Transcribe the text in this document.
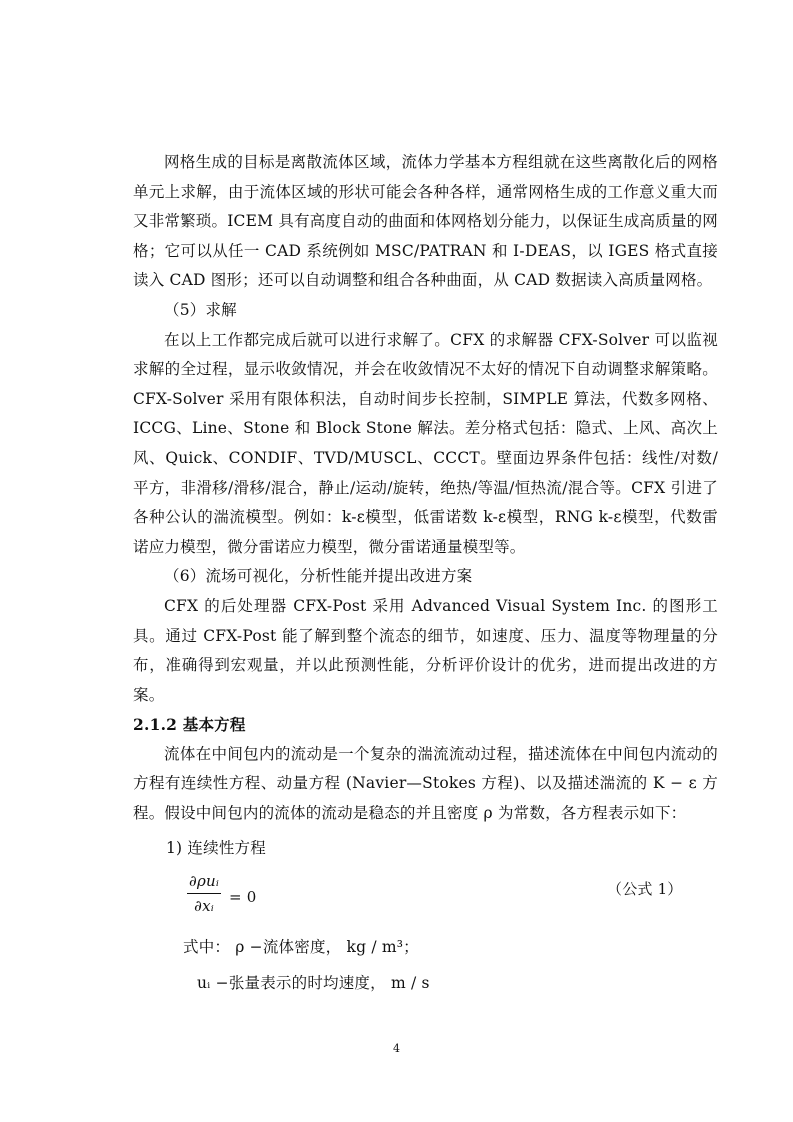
网格生成的目标是离散流体区域，流体力学基本方程组就在这些离散化后的网格单元上求解，由于流体区域的形状可能会各种各样，通常网格生成的工作意义重大而又非常繁琐。ICEM 具有高度自动的曲面和体网格划分能力，以保证生成高质量的网格；它可以从任一 CAD 系统例如 MSC/PATRAN 和 I-DEAS，以 IGES 格式直接读入 CAD 图形；还可以自动调整和组合各种曲面，从 CAD 数据读入高质量网格。

（5）求解

在以上工作都完成后就可以进行求解了。CFX 的求解器 CFX-Solver 可以监视求解的全过程，显示收敛情况，并会在收敛情况不太好的情况下自动调整求解策略。CFX-Solver 采用有限体积法，自动时间步长控制，SIMPLE 算法，代数多网格、ICCG、Line、Stone 和 Block Stone 解法。差分格式包括：隐式、上风、高次上风、Quick、CONDIF、TVD/MUSCL、CCCT。壁面边界条件包括：线性/对数/平方，非滑移/滑移/混合，静止/运动/旋转，绝热/等温/恒热流/混合等。CFX 引进了各种公认的湍流模型。例如：k-ε模型，低雷诺数 k-ε模型，RNG k-ε模型，代数雷诺应力模型，微分雷诺应力模型，微分雷诺通量模型等。

（6）流场可视化，分析性能并提出改进方案

CFX 的后处理器 CFX-Post 采用 Advanced Visual System Inc. 的图形工具。通过 CFX-Post 能了解到整个流态的细节，如速度、压力、温度等物理量的分布，准确得到宏观量，并以此预测性能，分析评价设计的优劣，进而提出改进的方案。

2.1.2 基本方程

流体在中间包内的流动是一个复杂的湍流流动过程，描述流体在中间包内流动的方程有连续性方程、动量方程 (Navier—Stokes 方程)、以及描述湍流的 K − ε 方程。假设中间包内的流体的流动是稳态的并且密度 ρ 为常数，各方程表示如下：

1) 连续性方程

∂ρuᵢ
∂xᵢ	= 0	（公式 1）

式中： ρ −流体密度， kg / m³；

uᵢ −张量表示的时均速度， m / s

4
